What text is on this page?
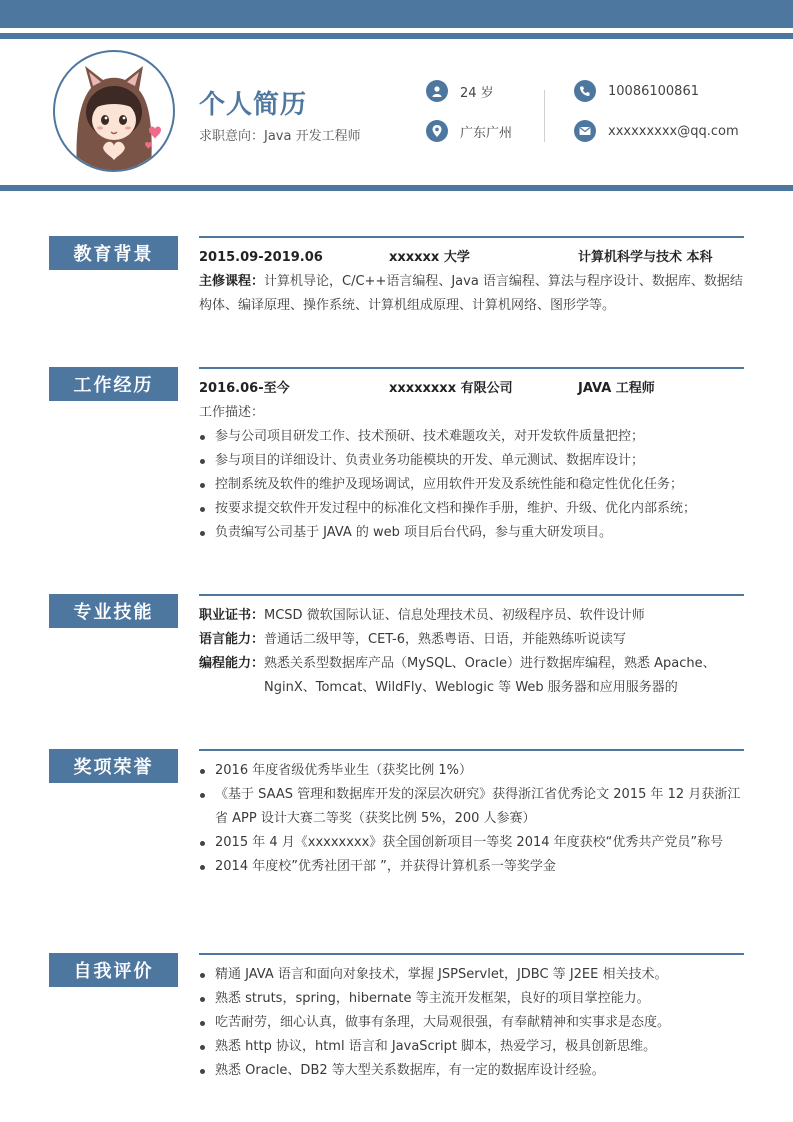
个人简历
求职意向：Java 开发工程师
24 岁
广东广州
10086100861
xxxxxxxxx@qq.com
教育背景	2015.09-2019.06	xxxxxx 大学	计算机科学与技术 本科
主修课程：计算机导论，C/C++语言编程、Java 语言编程、算法与程序设计、数据库、数据结构体、编译原理、操作系统、计算机组成原理、计算机网络、图形学等。
工作经历	2016.06-至今	xxxxxxxx 有限公司	JAVA 工程师
工作描述：
参与公司项目研发工作、技术预研、技术难题攻关，对开发软件质量把控；
参与项目的详细设计、负责业务功能模块的开发、单元测试、数据库设计；
控制系统及软件的维护及现场调试，应用软件开发及系统性能和稳定性优化任务；
按要求提交软件开发过程中的标准化文档和操作手册，维护、升级、优化内部系统；
负责编写公司基于 JAVA 的 web 项目后台代码，参与重大研发项目。
专业技能	职业证书： MCSD 微软国际认证、信息处理技术员、初级程序员、软件设计师
语言能力： 普通话二级甲等，CET-6，熟悉粤语、日语，并能熟练听说读写
编程能力： 熟悉关系型数据库产品（MySQL、Oracle）进行数据库编程，熟悉 Apache、NginX、Tomcat、WildFly、Weblogic 等 Web 服务器和应用服务器的
奖项荣誉	2016 年度省级优秀毕业生（获奖比例 1%）
《基于 SAAS 管理和数据库开发的深层次研究》获得浙江省优秀论文 2015 年 12 月获浙江省 APP 设计大赛二等奖（获奖比例 5%，200 人参赛）
2015 年 4 月《xxxxxxxx》获全国创新项目一等奖 2014 年度获校“优秀共产党员”称号
2014 年度校”优秀社团干部 ”，并获得计算机系一等奖学金
自我评价	精通 JAVA 语言和面向对象技术，掌握 JSPServlet，JDBC 等 J2EE 相关技术。
熟悉 struts，spring，hibernate 等主流开发框架，良好的项目掌控能力。
吃苦耐劳，细心认真，做事有条理，大局观很强，有奉献精神和实事求是态度。
熟悉 http 协议，html 语言和 JavaScript 脚本，热爱学习，极具创新思维。
熟悉 Oracle、DB2 等大型关系数据库，有一定的数据库设计经验。
